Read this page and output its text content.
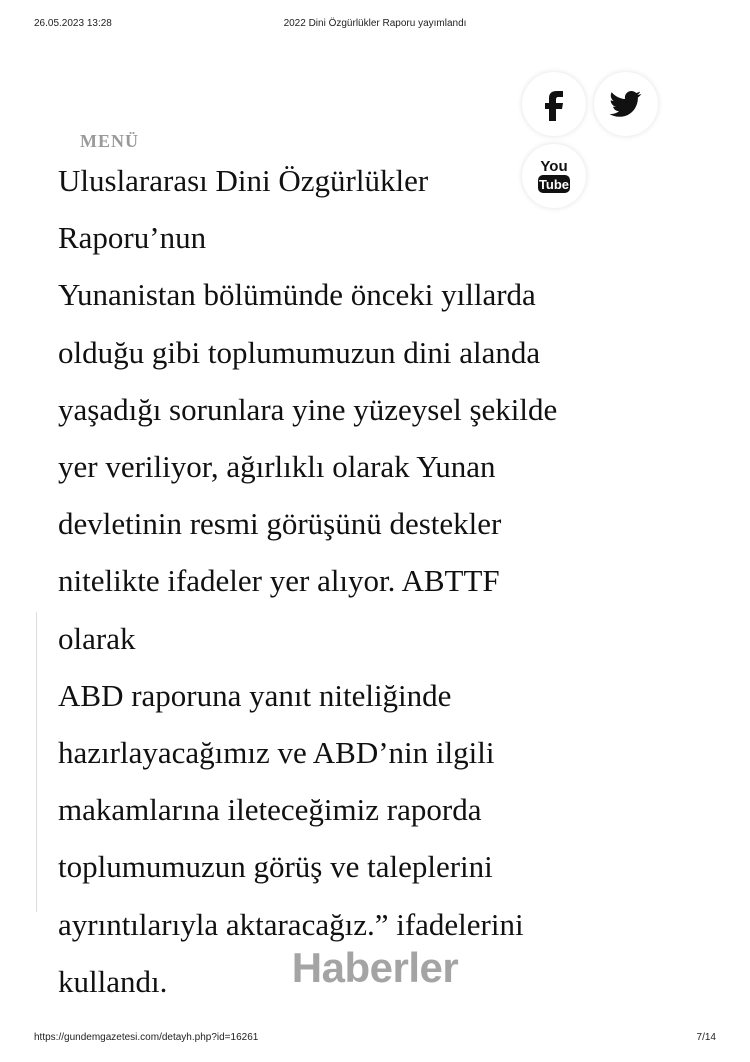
26.05.2023 13:28	2022 Dini Özgürlükler Raporu yayımlandı
MENÜ
You
Tube

Uluslararası Dini Özgürlükler Raporu’nun

Yunanistan bölümünde önceki yıllarda

olduğu gibi toplumumuzun dini alanda

yaşadığı sorunlara yine yüzeysel şekilde

yer veriliyor, ağırlıklı olarak Yunan

devletinin resmi görüşünü destekler

nitelikte ifadeler yer alıyor. ABTTF olarak

ABD raporuna yanıt niteliğinde

hazırlayacağımız ve ABD’nin ilgili

makamlarına ileteceğimiz raporda

toplumumuzun görüş ve taleplerini

ayrıntılarıyla aktaracağız.” ifadelerini

kullandı.	Haberler
https://gundemgazetesi.com/detayh.php?id=16261	7/14
